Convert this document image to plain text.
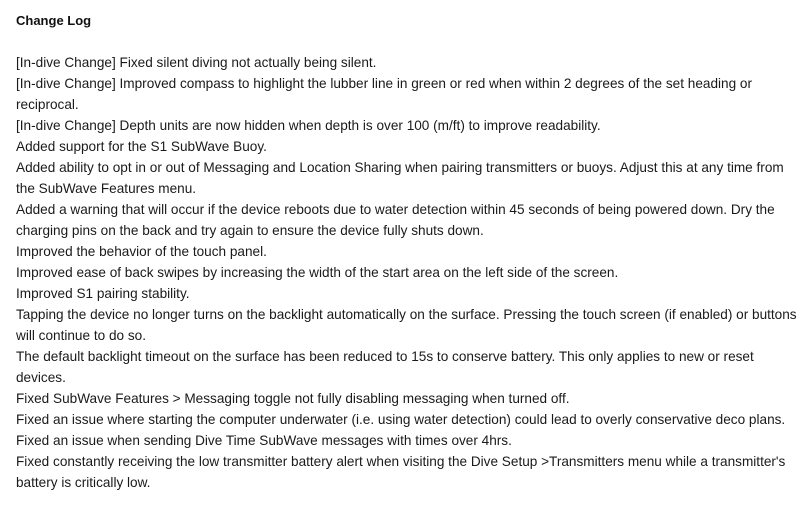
Change Log
[In-dive Change] Fixed silent diving not actually being silent.
[In-dive Change] Improved compass to highlight the lubber line in green or red when within 2 degrees of the set heading or reciprocal.
[In-dive Change] Depth units are now hidden when depth is over 100 (m/ft) to improve readability.
Added support for the S1 SubWave Buoy.
Added ability to opt in or out of Messaging and Location Sharing when pairing transmitters or buoys. Adjust this at any time from the SubWave Features menu.
Added a warning that will occur if the device reboots due to water detection within 45 seconds of being powered down. Dry the charging pins on the back and try again to ensure the device fully shuts down.
Improved the behavior of the touch panel.
Improved ease of back swipes by increasing the width of the start area on the left side of the screen.
Improved S1 pairing stability.
Tapping the device no longer turns on the backlight automatically on the surface. Pressing the touch screen (if enabled) or buttons will continue to do so.
The default backlight timeout on the surface has been reduced to 15s to conserve battery. This only applies to new or reset devices.
Fixed SubWave Features > Messaging toggle not fully disabling messaging when turned off.
Fixed an issue where starting the computer underwater (i.e. using water detection) could lead to overly conservative deco plans.
Fixed an issue when sending Dive Time SubWave messages with times over 4hrs.
Fixed constantly receiving the low transmitter battery alert when visiting the Dive Setup >Transmitters menu while a transmitter's battery is critically low.
